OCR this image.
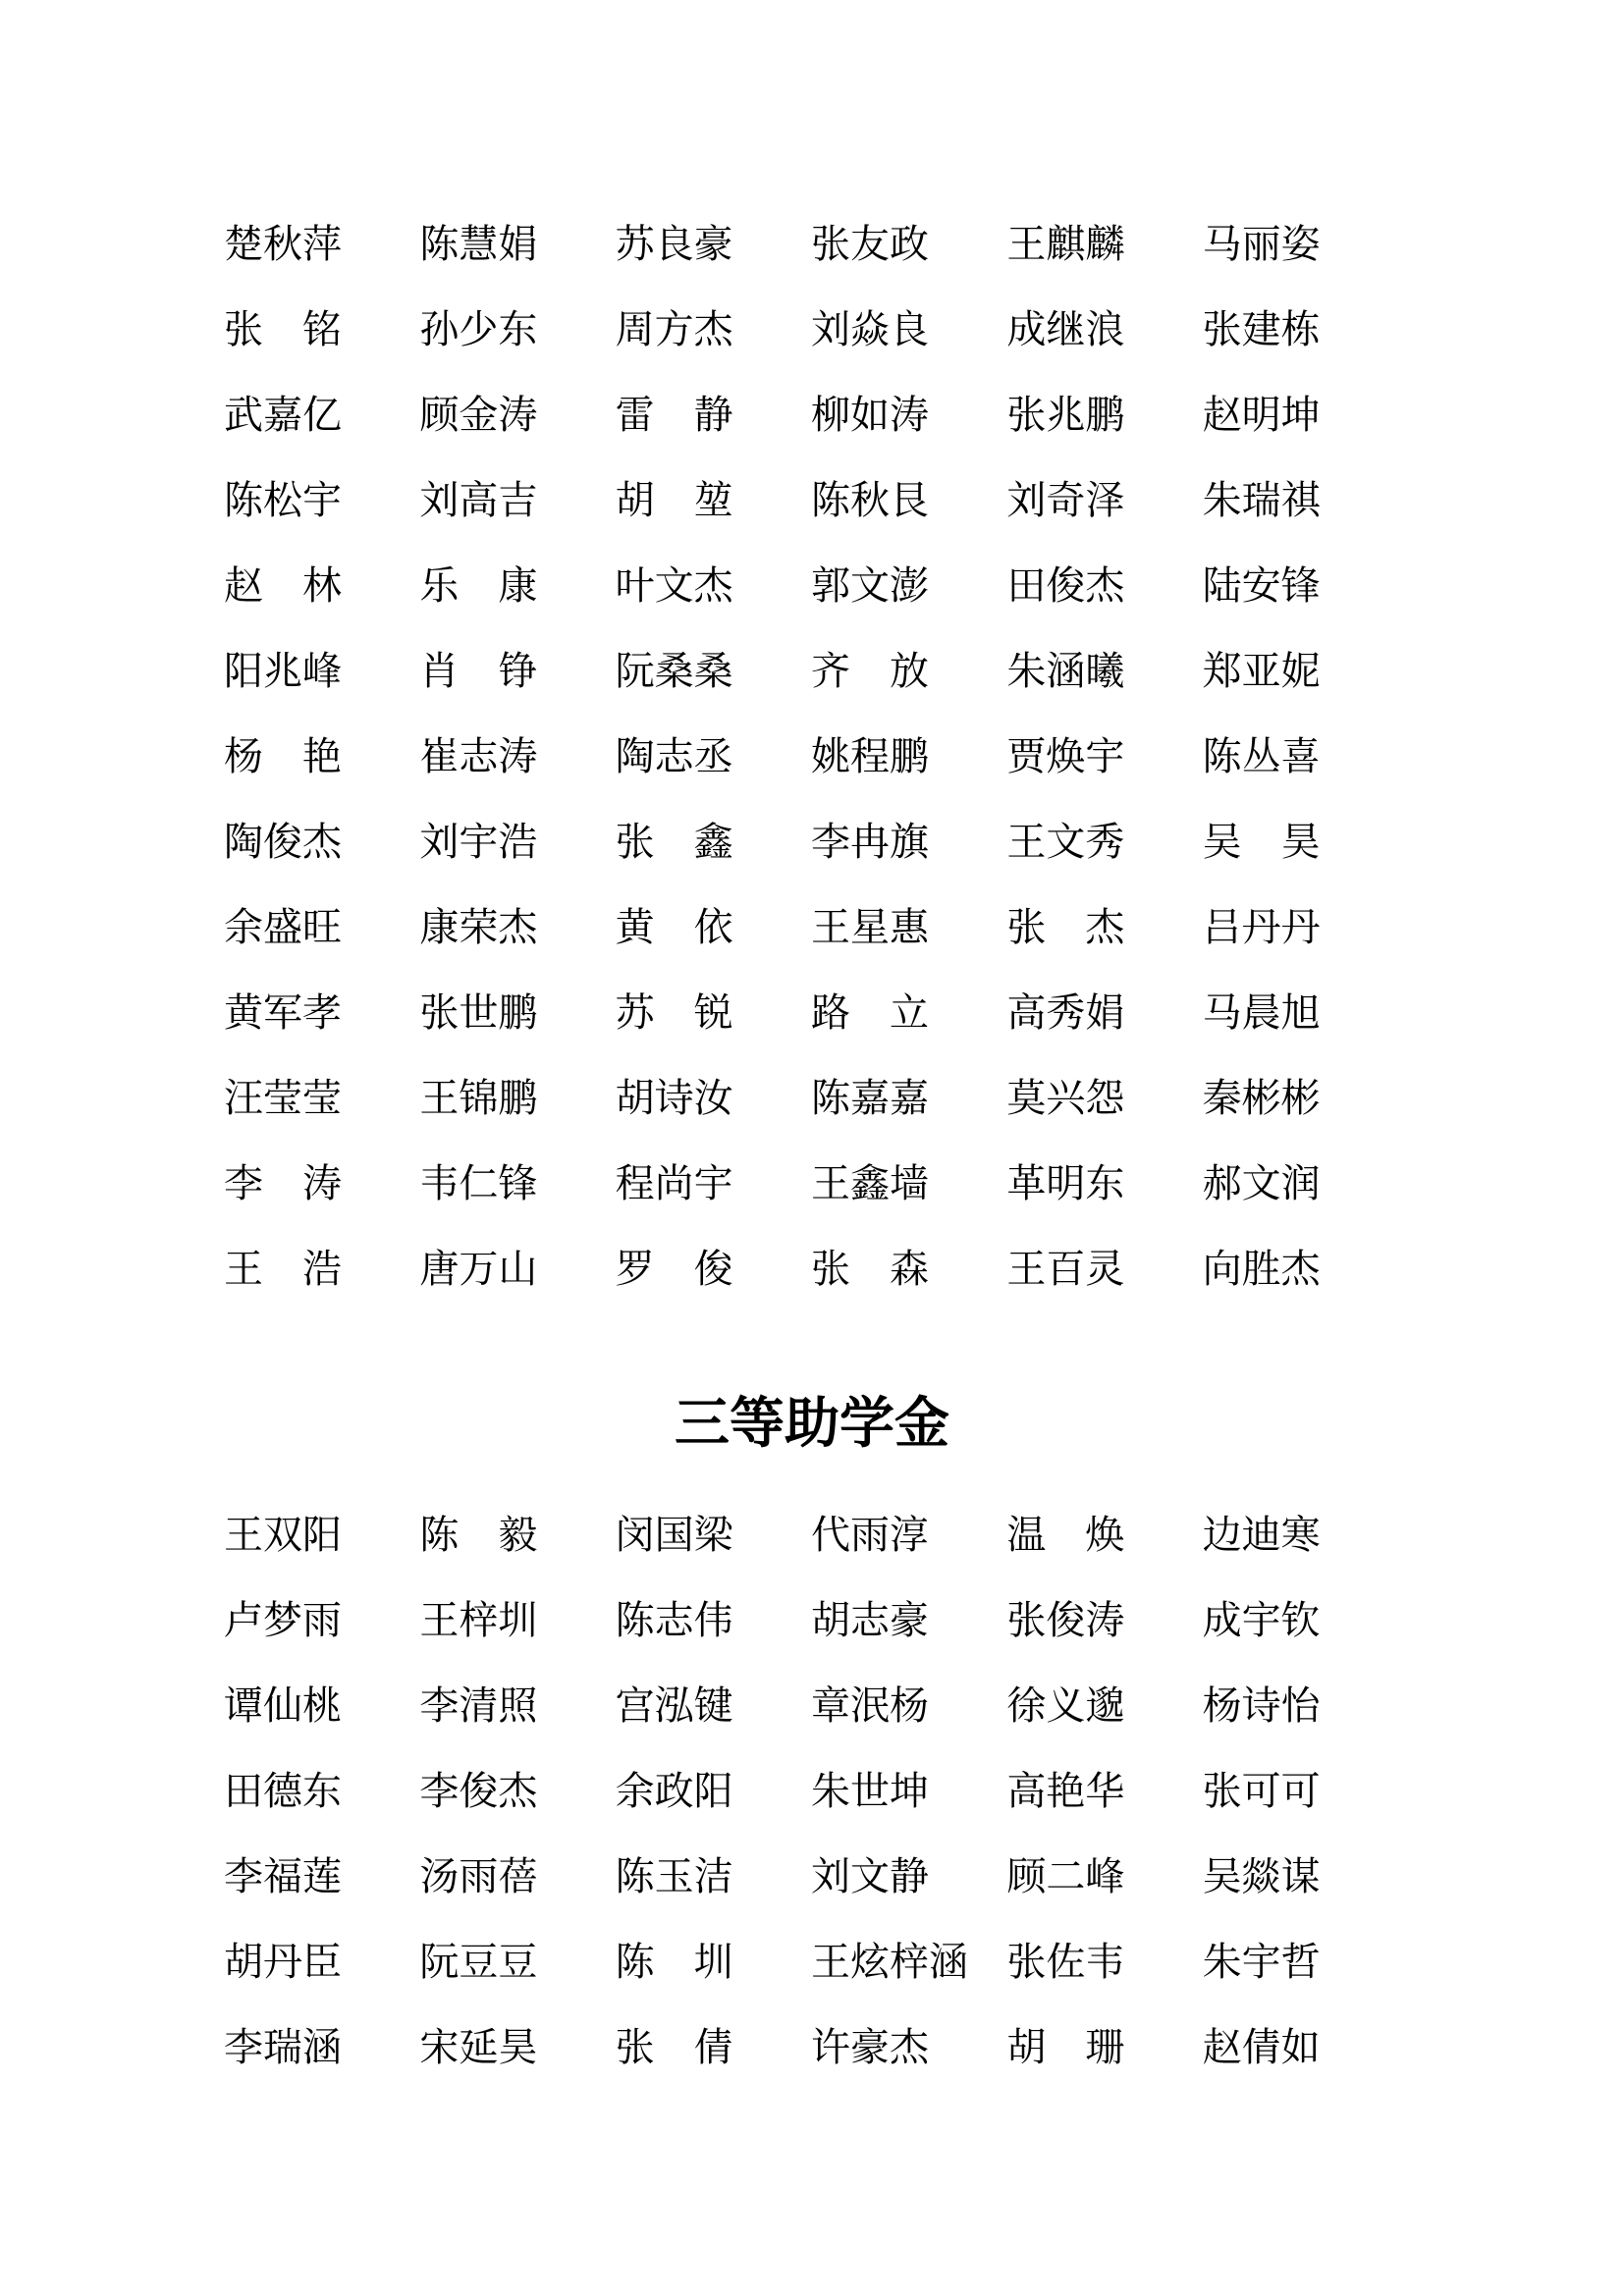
楚秋萍	陈慧娟	苏良豪	张友政	王麒麟	马丽姿
张　铭	孙少东	周方杰	刘焱良	成继浪	张建栋
武嘉亿	顾金涛	雷　静	柳如涛	张兆鹏	赵明坤
陈松宇	刘高吉	胡　堃	陈秋艮	刘奇泽	朱瑞祺
赵　林	乐　康	叶文杰	郭文澎	田俊杰	陆安锋
阳兆峰	肖　铮	阮桑桑	齐　放	朱涵曦	郑亚妮
杨　艳	崔志涛	陶志丞	姚程鹏	贾焕宇	陈丛喜
陶俊杰	刘宇浩	张　鑫	李冉旗	王文秀	吴　昊
余盛旺	康荣杰	黄　依	王星惠	张　杰	吕丹丹
黄军孝	张世鹏	苏　锐	路　立	高秀娟	马晨旭
汪莹莹	王锦鹏	胡诗汝	陈嘉嘉	莫兴怨	秦彬彬
李　涛	韦仁锋	程尚宇	王鑫墙	革明东	郝文润
王　浩	唐万山	罗　俊	张　森	王百灵	向胜杰
三等助学金
王双阳	陈　毅	闵国梁	代雨淳	温　焕	边迪寒
卢梦雨	王梓圳	陈志伟	胡志豪	张俊涛	成宇钦
谭仙桃	李清照	宫泓键	章泯杨	徐义邈	杨诗怡
田德东	李俊杰	余政阳	朱世坤	高艳华	张可可
李福莲	汤雨蓓	陈玉洁	刘文静	顾二峰	吴燚谋
胡丹臣	阮豆豆	陈　圳	王炫梓涵 张佐韦	朱宇哲
李瑞涵	宋延昊	张　倩	许豪杰	胡　珊	赵倩如
